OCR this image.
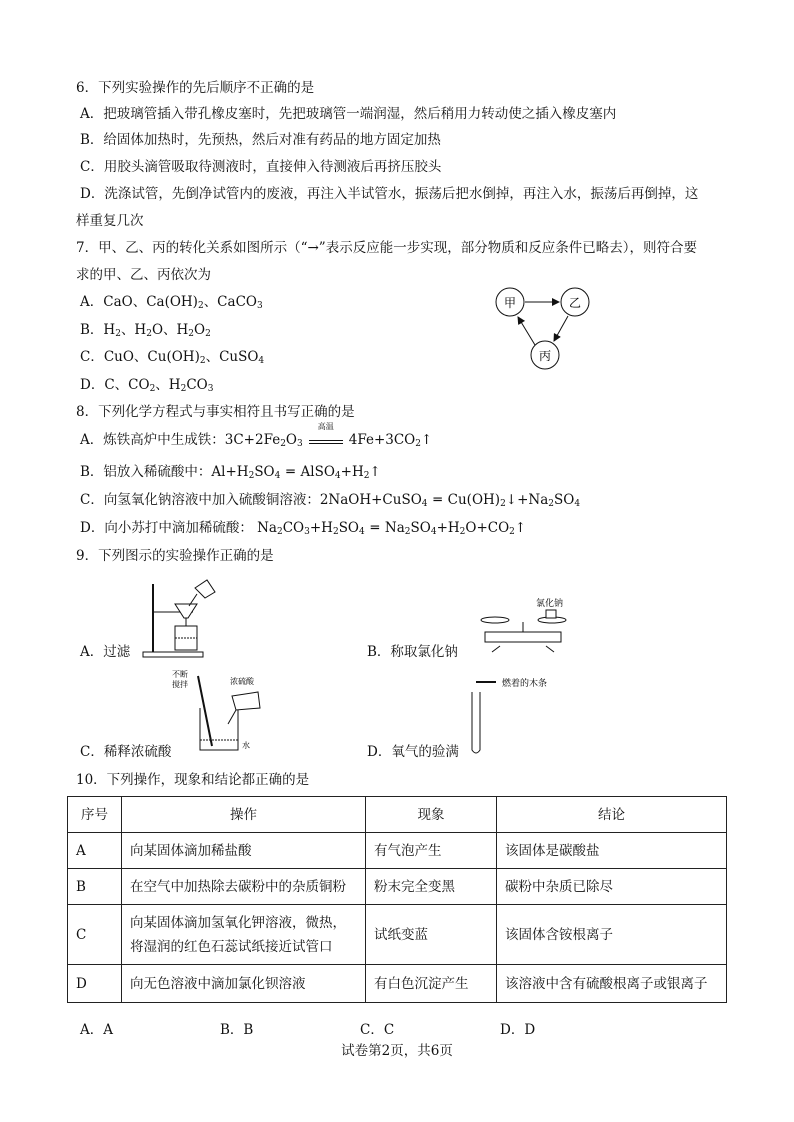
6．下列实验操作的先后顺序不正确的是
A．把玻璃管插入带孔橡皮塞时，先把玻璃管一端润湿，然后稍用力转动使之插入橡皮塞内
B．给固体加热时，先预热，然后对准有药品的地方固定加热
C．用胶头滴管吸取待测液时，直接伸入待测液后再挤压胶头
D．洗涤试管，先倒净试管内的废液，再注入半试管水，振荡后把水倒掉，再注入水，振荡后再倒掉，这
样重复几次
7．甲、乙、丙的转化关系如图所示（“→”表示反应能一步实现，部分物质和反应条件已略去），则符合要
求的甲、乙、丙依次为
A．CaO、$Ca(OH)_2$、CaCO$_3$
B．$H_2$、$H_2O$、$H_2O_2$
C．CuO、$Cu(OH)_2$、CuSO$_4$
D．C、$CO_2$、$H_2CO_3$
甲	乙
丙
8．下列化学方程式与事实相符且书写正确的是
A．炼铁高炉中生成铁：$3C+2Fe_2O_3$
高温
$4Fe+3CO_2↑$
B．铝放入稀硫酸中：$Al+H_2SO_4$ ═ $AlSO_4+H_2↑$
C．向氢氧化钠溶液中加入硫酸铜溶液：2NaOH+CuSO$_4$ ═ $Cu(OH)_2↓+Na_2SO_4$
D．向小苏打中滴加稀硫酸： $Na_2CO_3+H_2SO_4$ ═ $Na_2SO_4+H_2O+CO_2↑$
9．下列图示的实验操作正确的是
A．过滤
氯化钠
B．称取氯化钠
不断
搅拌	浓硫酸
水
C．稀释浓硫酸
燃着的木条
D．氧气的验满
10．下列操作，现象和结论都正确的是
序号	操作	现象	结论
A	向某固体滴加稀盐酸	有气泡产生	该固体是碳酸盐
B	在空气中加热除去碳粉中的杂质铜粉	粉末完全变黑	碳粉中杂质已除尽
C	向某固体滴加氢氧化钾溶液，微热，
将湿润的红色石蕊试纸接近试管口	试纸变蓝	该固体含铵根离子
D	向无色溶液中滴加氯化钡溶液	有白色沉淀产生	该溶液中含有硫酸根离子或银离子
A．A	B．B	C．C	D．D
试卷第2页，共6页
